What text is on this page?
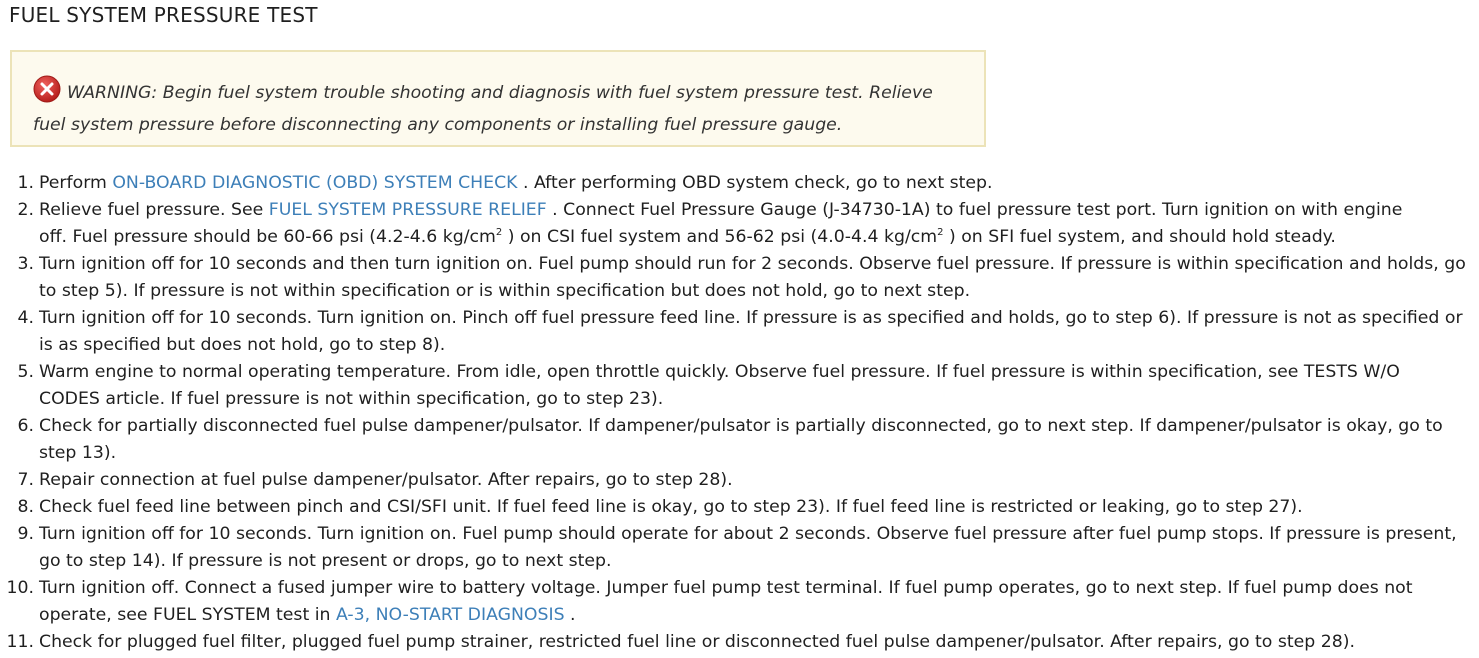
FUEL SYSTEM PRESSURE TEST
WARNING: Begin fuel system trouble shooting and diagnosis with fuel system pressure test. Relieve
fuel system pressure before disconnecting any components or installing fuel pressure gauge.
1. Perform ON-BOARD DIAGNOSTIC (OBD) SYSTEM CHECK . After performing OBD system check, go to next step.
2. Relieve fuel pressure. See FUEL SYSTEM PRESSURE RELIEF . Connect Fuel Pressure Gauge (J-34730-1A) to fuel pressure test port. Turn ignition on with engine
off. Fuel pressure should be 60-66 psi (4.2-4.6 $kg/cm^2$ ) on CSI fuel system and 56-62 psi (4.0-4.4 $kg/cm^2$ ) on SFI fuel system, and should hold steady.
3. Turn ignition off for 10 seconds and then turn ignition on. Fuel pump should run for 2 seconds. Observe fuel pressure. If pressure is within specification and holds, go
to step 5). If pressure is not within specification or is within specification but does not hold, go to next step.
4. Turn ignition off for 10 seconds. Turn ignition on. Pinch off fuel pressure feed line. If pressure is as specified and holds, go to step 6). If pressure is not as specified or
is as specified but does not hold, go to step 8).
5. Warm engine to normal operating temperature. From idle, open throttle quickly. Observe fuel pressure. If fuel pressure is within specification, see TESTS W/O
CODES article. If fuel pressure is not within specification, go to step 23).
6. Check for partially disconnected fuel pulse dampener/pulsator. If dampener/pulsator is partially disconnected, go to next step. If dampener/pulsator is okay, go to
step 13).
7. Repair connection at fuel pulse dampener/pulsator. After repairs, go to step 28).
8. Check fuel feed line between pinch and CSI/SFI unit. If fuel feed line is okay, go to step 23). If fuel feed line is restricted or leaking, go to step 27).
9. Turn ignition off for 10 seconds. Turn ignition on. Fuel pump should operate for about 2 seconds. Observe fuel pressure after fuel pump stops. If pressure is present,
go to step 14). If pressure is not present or drops, go to next step.
10. Turn ignition off. Connect a fused jumper wire to battery voltage. Jumper fuel pump test terminal. If fuel pump operates, go to next step. If fuel pump does not
operate, see FUEL SYSTEM test in A-3, NO-START DIAGNOSIS .
11. Check for plugged fuel filter, plugged fuel pump strainer, restricted fuel line or disconnected fuel pulse dampener/pulsator. After repairs, go to step 28).
